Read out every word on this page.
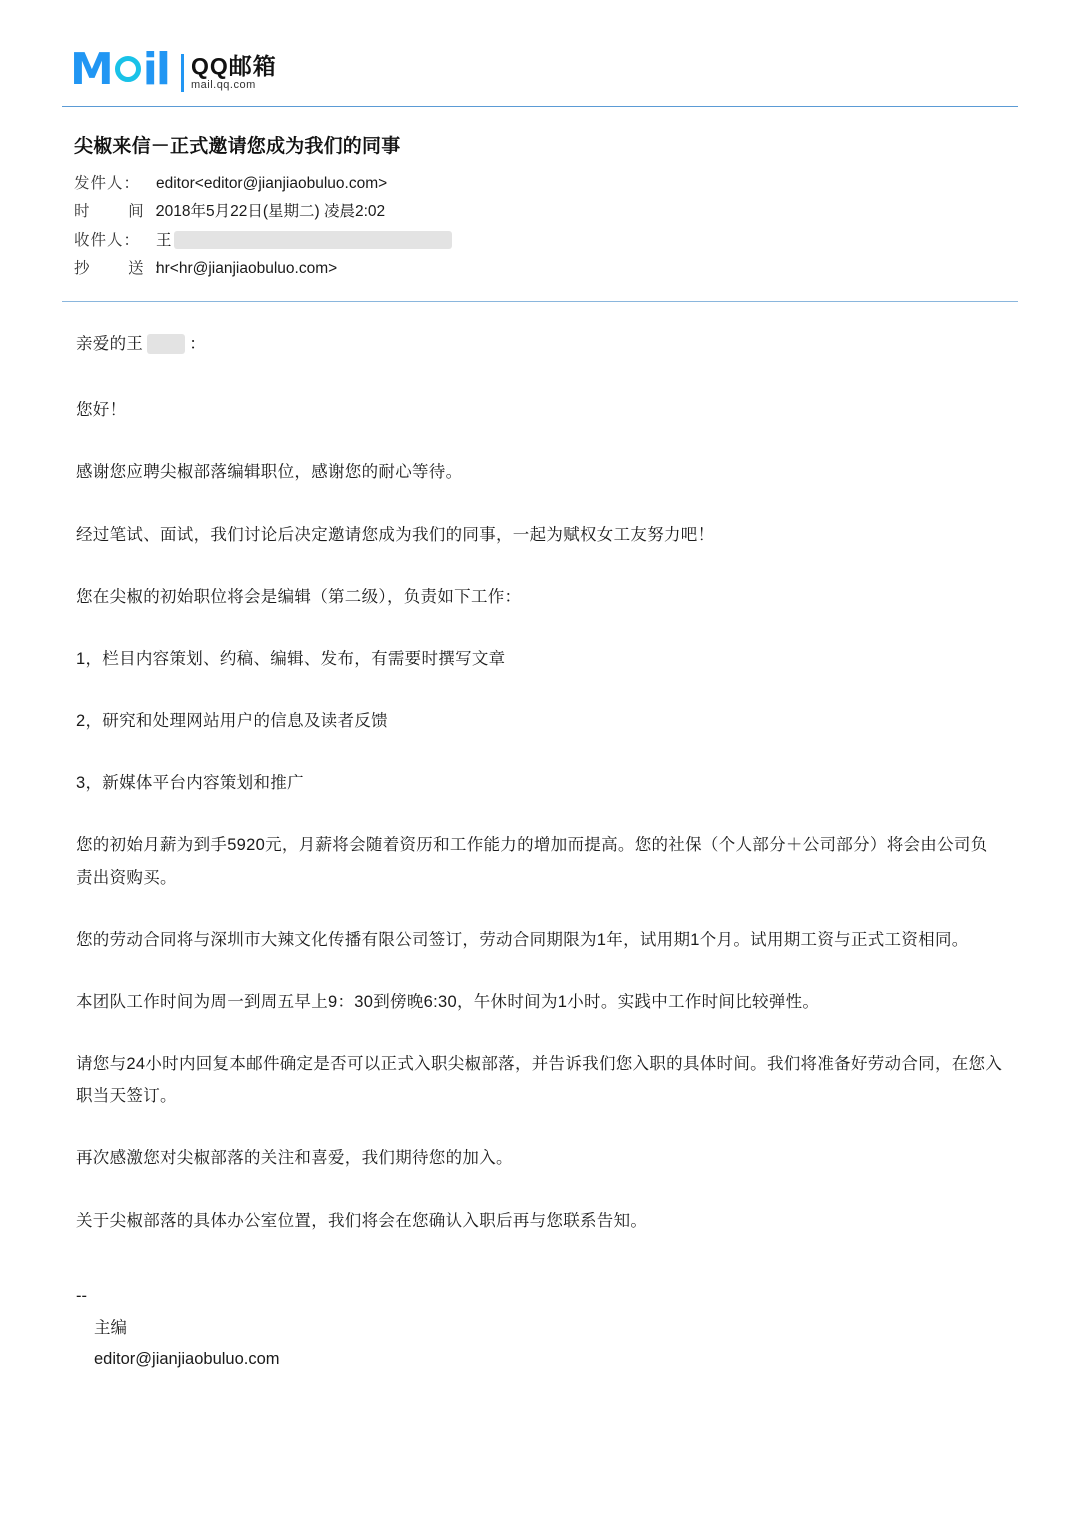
M il QQ邮箱
mail.qq.com
尖椒来信－正式邀请您成为我们的同事
发件人：	editor<editor@jianjiaobuluo.com>
时  间：
2018年5月22日(星期二) 凌晨2:02
收件人：	王
抄  送：
hr<hr@jianjiaobuluo.com>
亲爱的王	：

您好！

感谢您应聘尖椒部落编辑职位，感谢您的耐心等待。

经过笔试、面试，我们讨论后决定邀请您成为我们的同事，一起为赋权女工友努力吧！

您在尖椒的初始职位将会是编辑（第二级），负责如下工作：

1，栏目内容策划、约稿、编辑、发布，有需要时撰写文章

2，研究和处理网站用户的信息及读者反馈

3，新媒体平台内容策划和推广

您的初始月薪为到手5920元，月薪将会随着资历和工作能力的增加而提高。您的社保（个人部分＋公司部分）将会由公司负责出资购买。

您的劳动合同将与深圳市大辣文化传播有限公司签订，劳动合同期限为1年，试用期1个月。试用期工资与正式工资相同。

本团队工作时间为周一到周五早上9：30到傍晚6:30，午休时间为1小时。实践中工作时间比较弹性。

请您与24小时内回复本邮件确定是否可以正式入职尖椒部落，并告诉我们您入职的具体时间。我们将准备好劳动合同，在您入职当天签订。

再次感激您对尖椒部落的关注和喜爱，我们期待您的加入。

关于尖椒部落的具体办公室位置，我们将会在您确认入职后再与您联系告知。

--
主编
editor@jianjiaobuluo.com
